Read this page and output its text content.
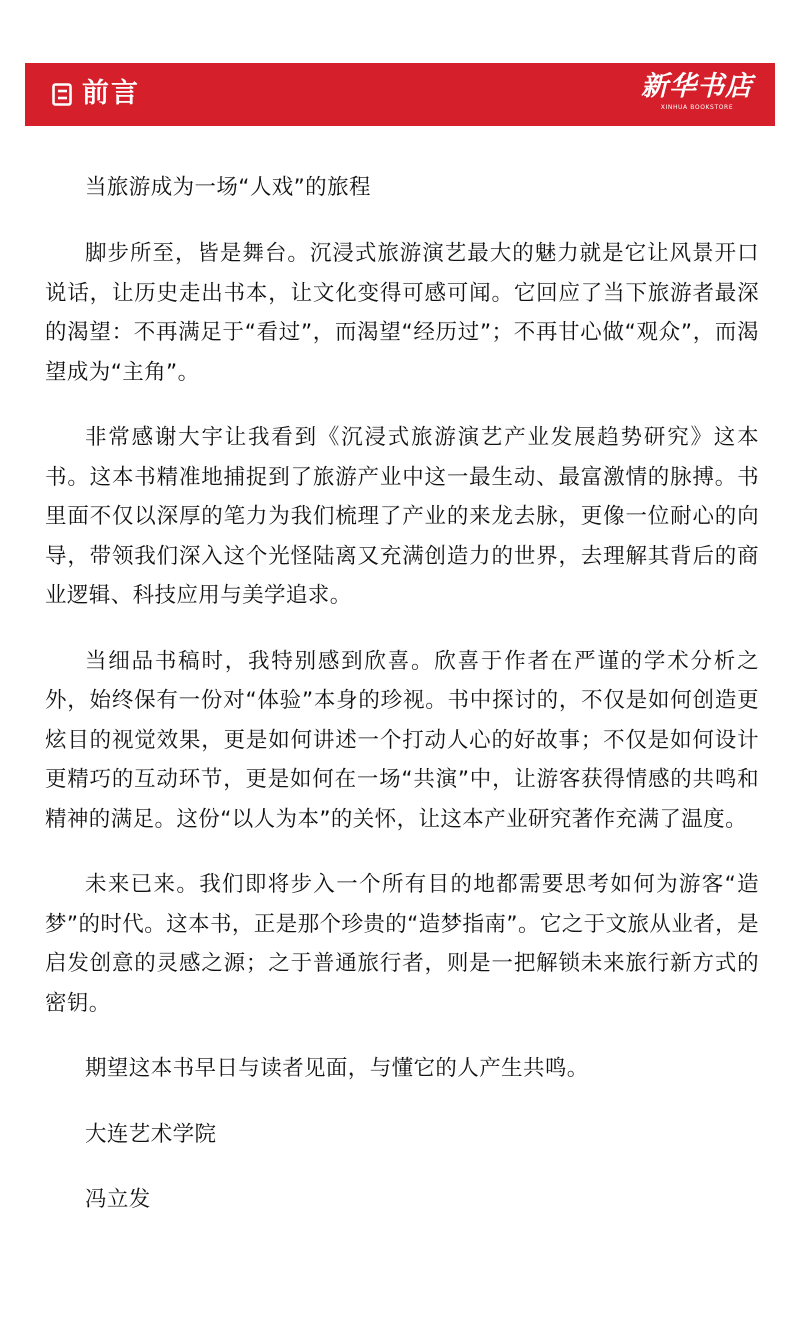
前言	新华书店
XINHUA BOOKSTORE

当旅游成为一场“人戏”的旅程

脚步所至，皆是舞台。沉浸式旅游演艺最大的魅力就是它让风景开口说话，让历史走出书本，让文化变得可感可闻。它回应了当下旅游者最深的渴望：不再满足于“看过”，而渴望“经历过”；不再甘心做“观众”，而渴望成为“主角”。

非常感谢大宇让我看到《沉浸式旅游演艺产业发展趋势研究》这本书。这本书精准地捕捉到了旅游产业中这一最生动、最富激情的脉搏。书里面不仅以深厚的笔力为我们梳理了产业的来龙去脉，更像一位耐心的向导，带领我们深入这个光怪陆离又充满创造力的世界，去理解其背后的商业逻辑、科技应用与美学追求。

当细品书稿时，我特别感到欣喜。欣喜于作者在严谨的学术分析之外，始终保有一份对“体验”本身的珍视。书中探讨的，不仅是如何创造更炫目的视觉效果，更是如何讲述一个打动人心的好故事；不仅是如何设计更精巧的互动环节，更是如何在一场“共演”中，让游客获得情感的共鸣和精神的满足。这份“以人为本”的关怀，让这本产业研究著作充满了温度。

未来已来。我们即将步入一个所有目的地都需要思考如何为游客“造梦”的时代。这本书，正是那个珍贵的“造梦指南”。它之于文旅从业者，是启发创意的灵感之源；之于普通旅行者，则是一把解锁未来旅行新方式的密钥。

期望这本书早日与读者见面，与懂它的人产生共鸣。

大连艺术学院

冯立发
